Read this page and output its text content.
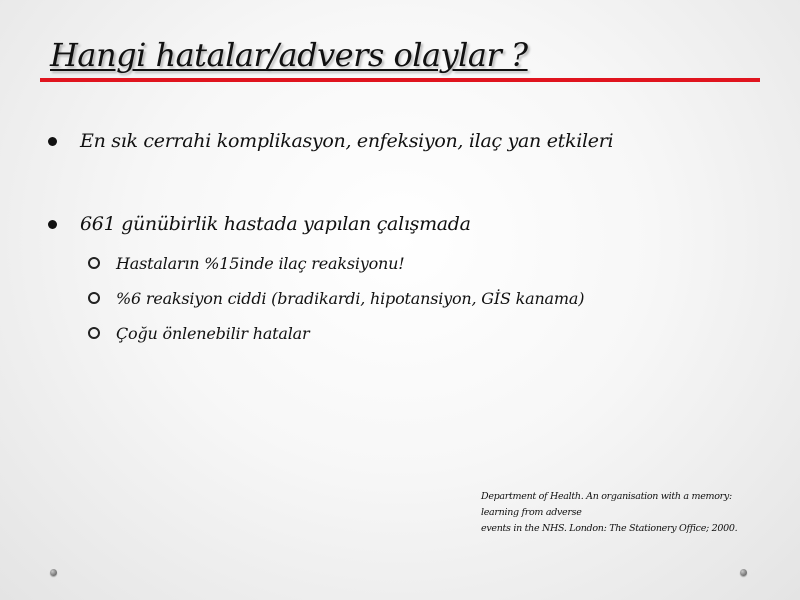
Hangi hatalar/advers olaylar ?
En sık cerrahi komplikasyon, enfeksiyon, ilaç yan etkileri
661 günübirlik hastada yapılan çalışmada
Hastaların %15inde ilaç reaksiyonu!
%6 reaksiyon ciddi (bradikardi, hipotansiyon, GİS kanama)
Çoğu önlenebilir hatalar
Department of Health. An organisation with a memory:
learning from adverse
events in the NHS. London: The Stationery Office; 2000.
